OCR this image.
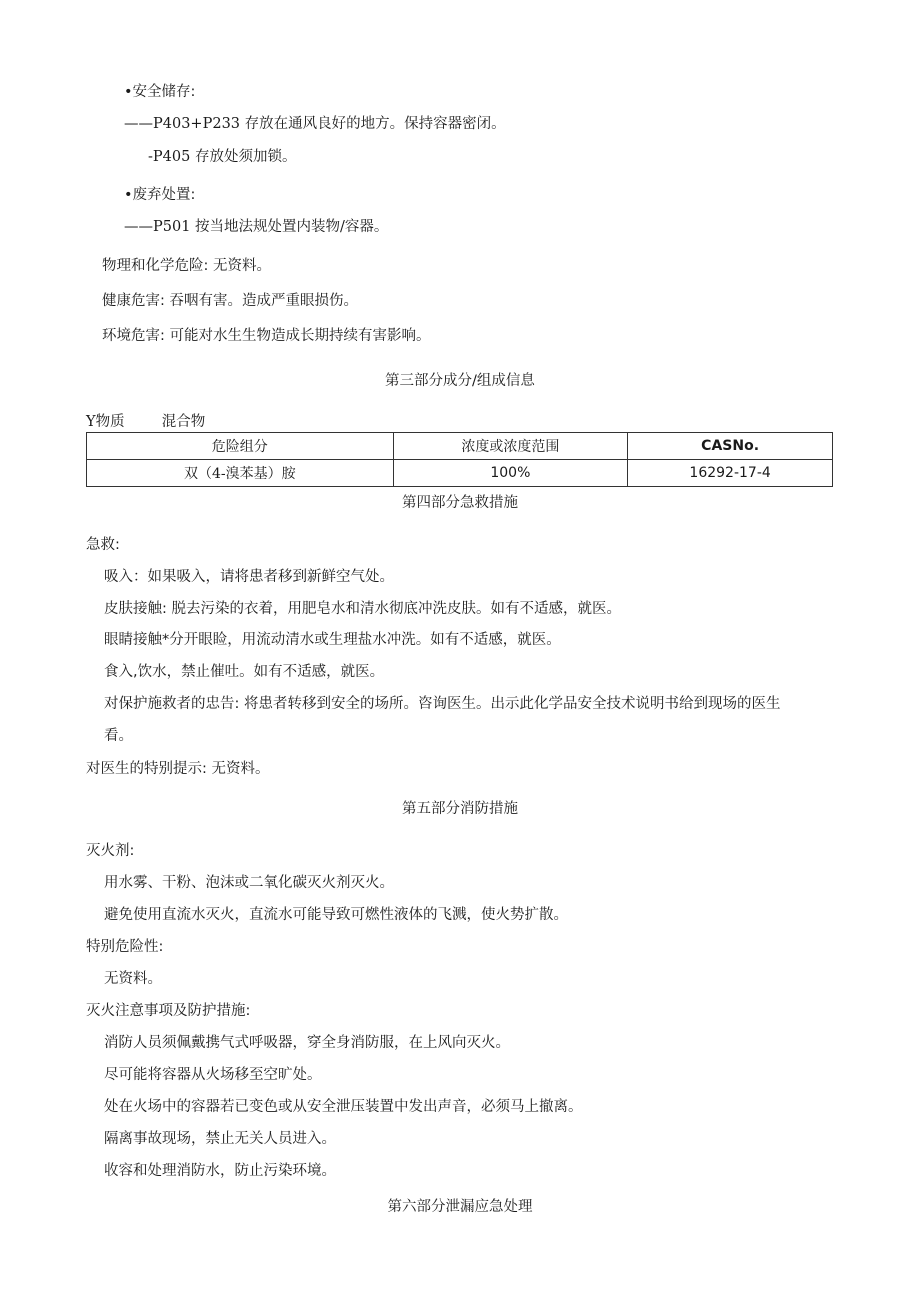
•安全储存:
——P403+P233 存放在通风良好的地方。保持容器密闭。
-P405 存放处须加锁。
•废弃处置:
——P501 按当地法规处置内装物/容器。
物理和化学危险: 无资料。
健康危害: 吞咽有害。造成严重眼损伤。
环境危害: 可能对水生生物造成长期持续有害影响。
第三部分成分/组成信息
Y物质	混合物
危险组分	浓度或浓度范围	CASNo.
双（4-溴苯基）胺	100%	16292-17-4
第四部分急救措施
急救:
吸入：如果吸入，请将患者移到新鲜空气处。
皮肤接触: 脱去污染的衣着，用肥皂水和清水彻底冲洗皮肤。如有不适感，就医。
眼睛接触*分开眼睑，用流动清水或生理盐水冲洗。如有不适感，就医。
食入,饮水，禁止催吐。如有不适感，就医。
对保护施救者的忠告: 将患者转移到安全的场所。咨询医生。出示此化学品安全技术说明书给到现场的医生
看。
对医生的特别提示: 无资料。
第五部分消防措施
灭火剂:
用水雾、干粉、泡沫或二氧化碳灭火剂灭火。
避免使用直流水灭火，直流水可能导致可燃性液体的飞溅，使火势扩散。
特别危险性:
无资料。
灭火注意事项及防护措施:
消防人员须佩戴携气式呼吸器，穿全身消防服，在上风向灭火。
尽可能将容器从火场移至空旷处。
处在火场中的容器若已变色或从安全泄压装置中发出声音，必须马上撤离。
隔离事故现场，禁止无关人员进入。
收容和处理消防水，防止污染环境。
第六部分泄漏应急处理
